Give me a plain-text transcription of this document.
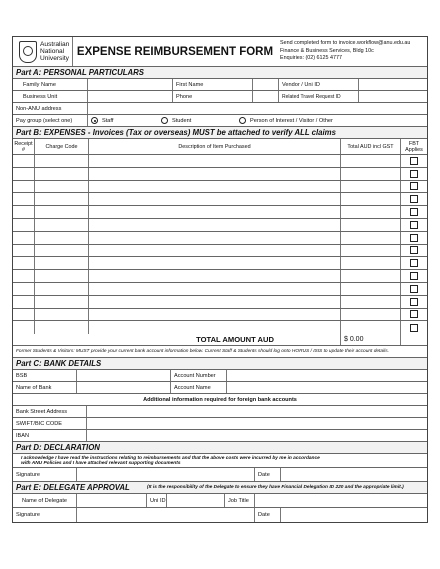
Australian
National
University
EXPENSE REIMBURSEMENT FORM
Send completed form to invoice.workflow@anu.edu.au
Finance & Business Services, Bldg 10c
Enquiries: (02) 6125 4777
Part A: PERSONAL PARTICULARS
Family Name	First Name	Vendor / Uni ID
Business Unit	Phone	Related Travel Request ID
Non-ANU address
Pay group (select one)	Staff	Student	Person of Interest / Visitor / Other
Part B: EXPENSES - Invoices (Tax or overseas) MUST be attached to verify ALL claims
Receipt #	Charge Code	Description of Item Purchased	Total AUD incl GST	FBT Applies
TOTAL AMOUNT AUD	$ 0.00
Former Students & Visitors: MUST provide your current bank account information below. Current Staff & Students should log onto HORUS / ISIS to update their account details.
Part C: BANK DETAILS
BSB	Account Number
Name of Bank	Account Name
Additional information required for foreign bank accounts
Bank Street Address
SWIFT/BIC CODE
IBAN
Part D: DECLARATION
I acknowledge I have read the instructions relating to reimbursements and that the above costs were incurred by me in accordance
with ANU Policies and I have attached relevant supporting documents
Signature	Date
Part E: DELEGATE APPROVAL	(It is the responsibility of the Delegate to ensure they have Financial Delegation ID 220 and the appropriate limit.)
Name of Delegate	Uni ID	Job Title
Signature	Date
